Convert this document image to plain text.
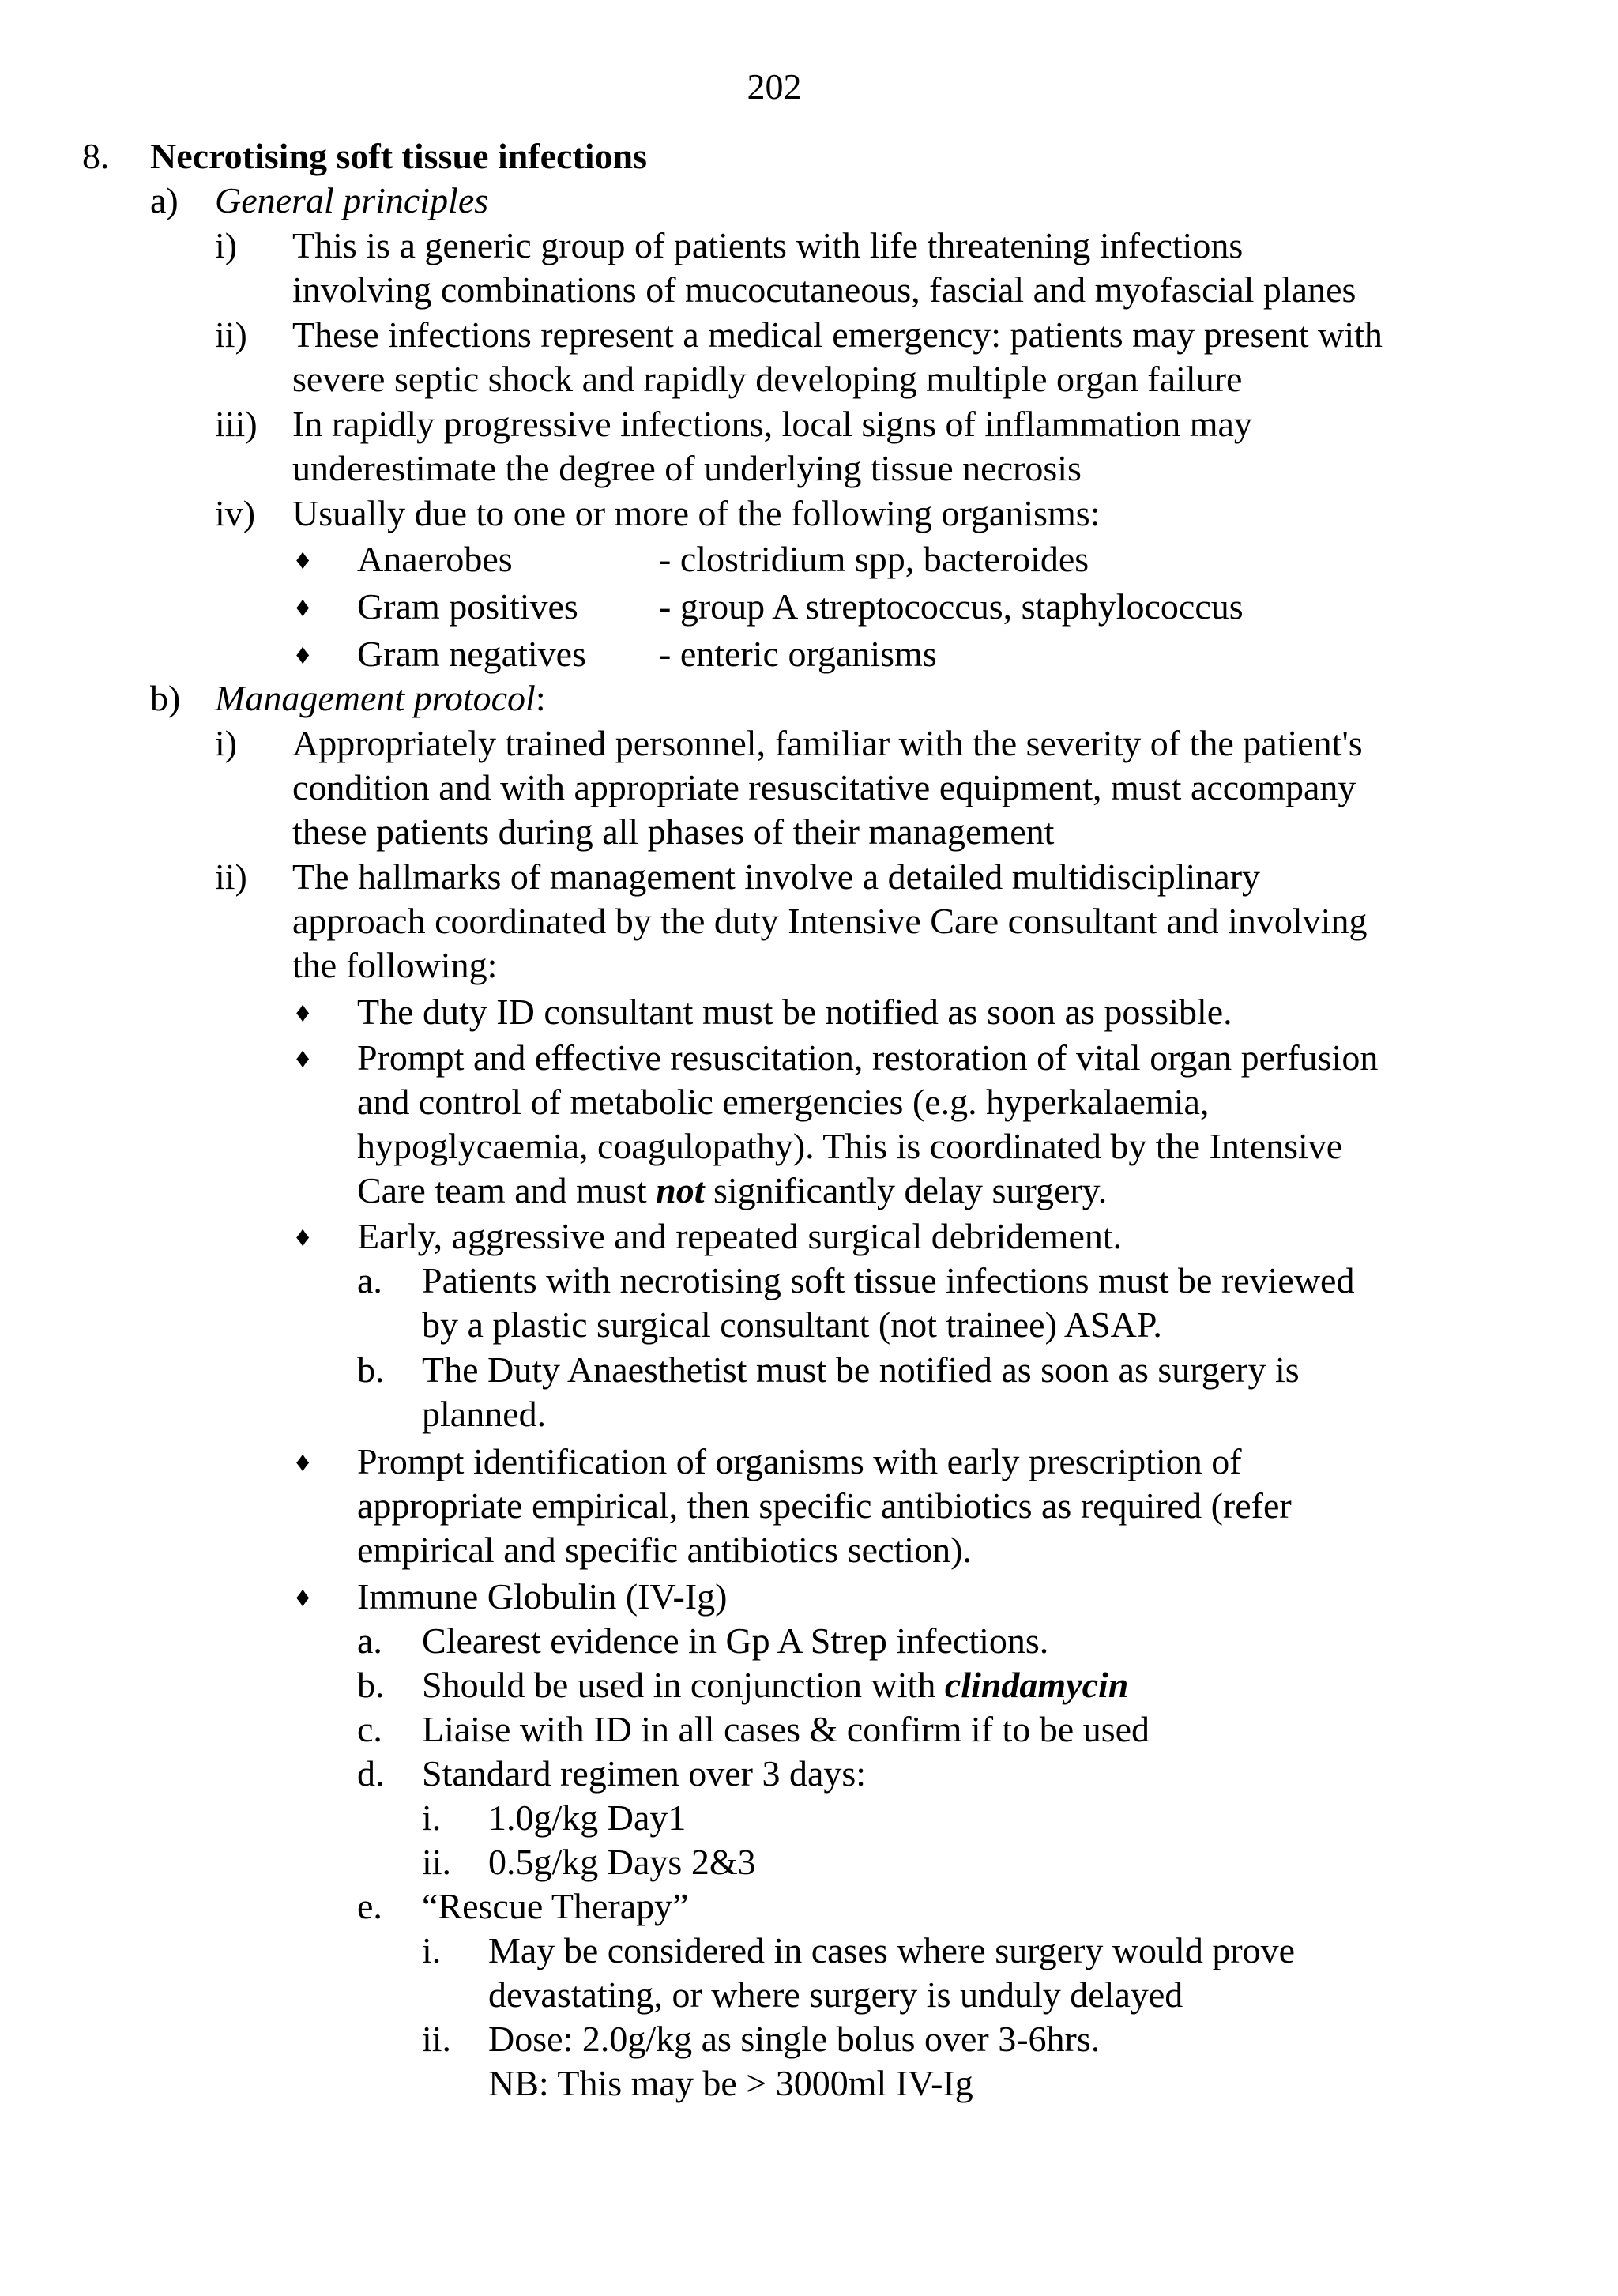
202
8. Necrotising soft tissue infections
a) General principles
i) This is a generic group of patients with life threatening infections
involving combinations of mucocutaneous, fascial and myofascial planes
ii) These infections represent a medical emergency: patients may present with
severe septic shock and rapidly developing multiple organ failure
iii) In rapidly progressive infections, local signs of inflammation may
underestimate the degree of underlying tissue necrosis
iv) Usually due to one or more of the following organisms:
♦ Anaerobes	- clostridium spp, bacteroides
♦ Gram positives - group A streptococcus, staphylococcus
♦ Gram negatives - enteric organisms
b) Management protocol:
i) Appropriately trained personnel, familiar with the severity of the patient's
condition and with appropriate resuscitative equipment, must accompany
these patients during all phases of their management
ii) The hallmarks of management involve a detailed multidisciplinary
approach coordinated by the duty Intensive Care consultant and involving
the following:
♦ The duty ID consultant must be notified as soon as possible.
♦ Prompt and effective resuscitation, restoration of vital organ perfusion
and control of metabolic emergencies (e.g. hyperkalaemia,
hypoglycaemia, coagulopathy). This is coordinated by the Intensive
Care team and must not significantly delay surgery.
♦ Early, aggressive and repeated surgical debridement.
a. Patients with necrotising soft tissue infections must be reviewed
by a plastic surgical consultant (not trainee) ASAP.
b. The Duty Anaesthetist must be notified as soon as surgery is
planned.
♦ Prompt identification of organisms with early prescription of
appropriate empirical, then specific antibiotics as required (refer
empirical and specific antibiotics section).
♦ Immune Globulin (IV-Ig)
a. Clearest evidence in Gp A Strep infections.
b. Should be used in conjunction with clindamycin
c. Liaise with ID in all cases & confirm if to be used
d. Standard regimen over 3 days:
i. 1.0g/kg Day1
ii. 0.5g/kg Days 2&3
e. “Rescue Therapy”
i. May be considered in cases where surgery would prove
devastating, or where surgery is unduly delayed
ii. Dose: 2.0g/kg as single bolus over 3-6hrs.
NB: This may be > 3000ml IV-Ig
